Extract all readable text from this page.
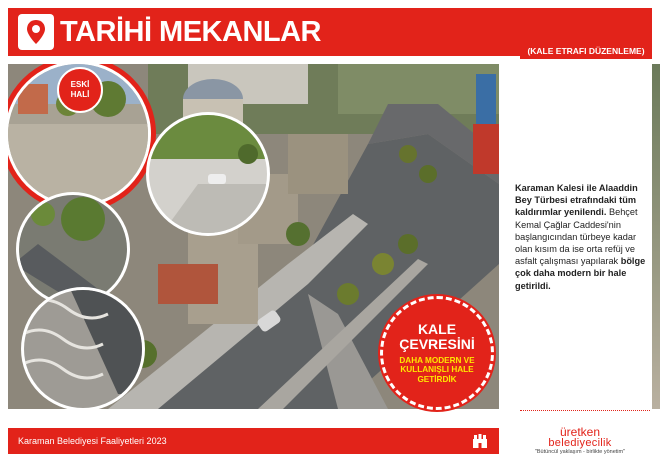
TARİHİ MEKANLAR
(KALE ETRAFI DÜZENLEME)
ESKİ
HALİ
KALE
ÇEVRESİNİ
DAHA MODERN VE
KULLANIŞLI HALE
GETİRDİK
Karaman Kalesi ile Alaaddin Bey Türbesi etrafındaki tüm kaldırımlar yenilendi. Behçet Kemal Çağlar Caddesi'nin başlangıcından türbeye kadar olan kısım da ise orta refüj ve asfalt çalışması yapılarak bölge çok daha modern bir hale getirildi.
Karaman Belediyesi Faaliyetleri 2023
üretken
belediyecilik
"Bütüncül yaklaşım - birlikte yönetim"
